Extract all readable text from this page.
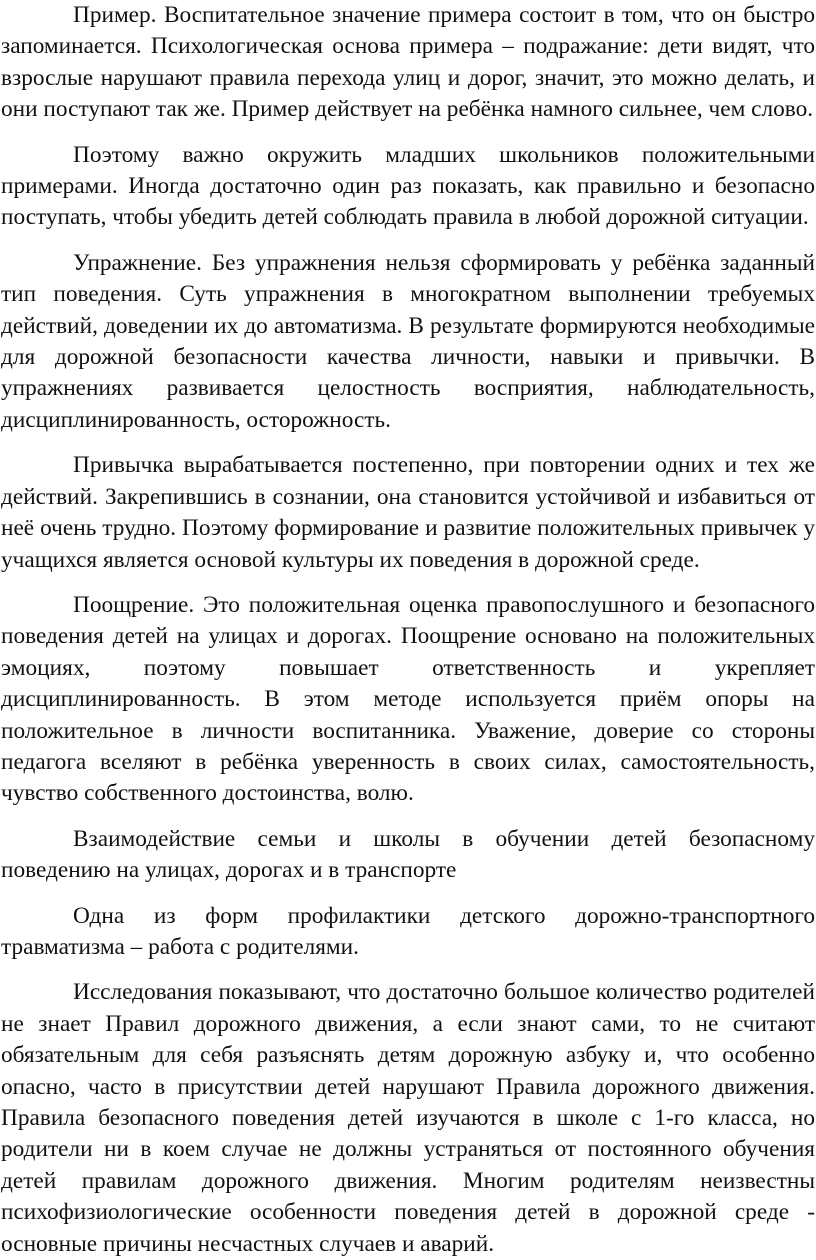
Пример. Воспитательное значение примера состоит в том, что он быстро запоминается. Психологическая основа примера – подражание: дети видят, что взрослые нарушают правила перехода улиц и дорог, значит, это можно делать, и они поступают так же. Пример действует на ребёнка намного сильнее, чем слово.

Поэтому важно окружить младших школьников положительными примерами. Иногда достаточно один раз показать, как правильно и безопасно поступать, чтобы убедить детей соблюдать правила в любой дорожной ситуации.

Упражнение. Без упражнения нельзя сформировать у ребёнка заданный тип поведения. Суть упражнения в многократном выполнении требуемых действий, доведении их до автоматизма. В результате формируются необходимые для дорожной безопасности качества личности, навыки и привычки. В упражнениях развивается целостность восприятия, наблюдательность, дисциплинированность, осторожность.

Привычка вырабатывается постепенно, при повторении одних и тех же действий. Закрепившись в сознании, она становится устойчивой и избавиться от неё очень трудно. Поэтому формирование и развитие положительных привычек у учащихся является основой культуры их поведения в дорожной среде.

Поощрение. Это положительная оценка правопослушного и безопасного поведения детей на улицах и дорогах. Поощрение основано на положительных эмоциях, поэтому повышает ответственность и укрепляет дисциплинированность. В этом методе используется приём опоры на положительное в личности воспитанника. Уважение, доверие со стороны педагога вселяют в ребёнка уверенность в своих силах, самостоятельность, чувство собственного достоинства, волю.

Взаимодействие семьи и школы в обучении детей безопасному поведению на улицах, дорогах и в транспорте

Одна из форм профилактики детского дорожно-транспортного травматизма – работа с родителями.

Исследования показывают, что достаточно большое количество родителей не знает Правил дорожного движения, а если знают сами, то не считают обязательным для себя разъяснять детям дорожную азбуку и, что особенно опасно, часто в присутствии детей нарушают Правила дорожного движения. Правила безопасного поведения детей изучаются в школе с 1-го класса, но родители ни в коем случае не должны устраняться от постоянного обучения детей правилам дорожного движения. Многим родителям неизвестны психофизиологические особенности поведения детей в дорожной среде - основные причины несчастных случаев и аварий.
